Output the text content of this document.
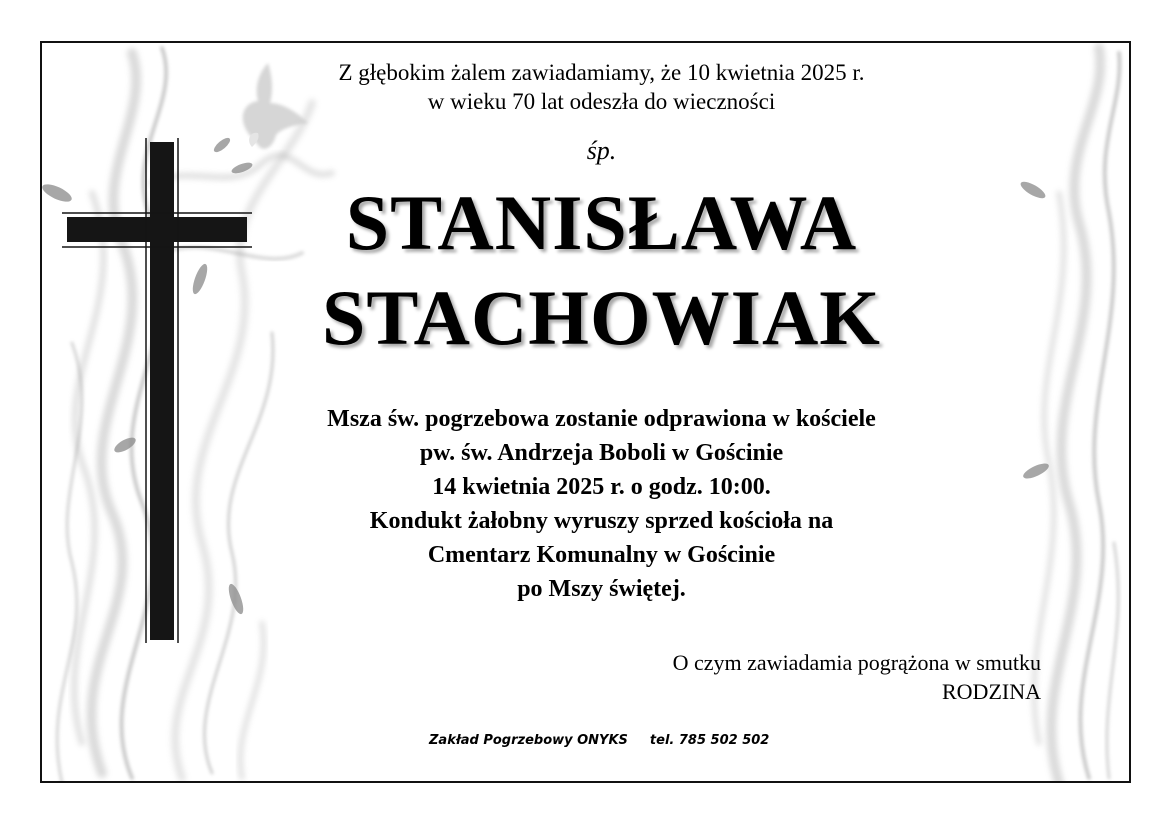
Z głębokim żalem zawiadamiamy, że 10 kwietnia 2025 r.
w wieku 70 lat odeszła do wieczności
śp.
STANISŁAWA
STACHOWIAK
Msza św. pogrzebowa zostanie odprawiona w kościele
pw. św. Andrzeja Boboli w Gościnie
14 kwietnia 2025 r. o godz. 10:00.
Kondukt żałobny wyruszy sprzed kościoła na
Cmentarz Komunalny w Gościnie
po Mszy świętej.
O czym zawiadamia pogrążona w smutku
RODZINA
Zakład Pogrzebowy ONYKS tel. 785 502 502
